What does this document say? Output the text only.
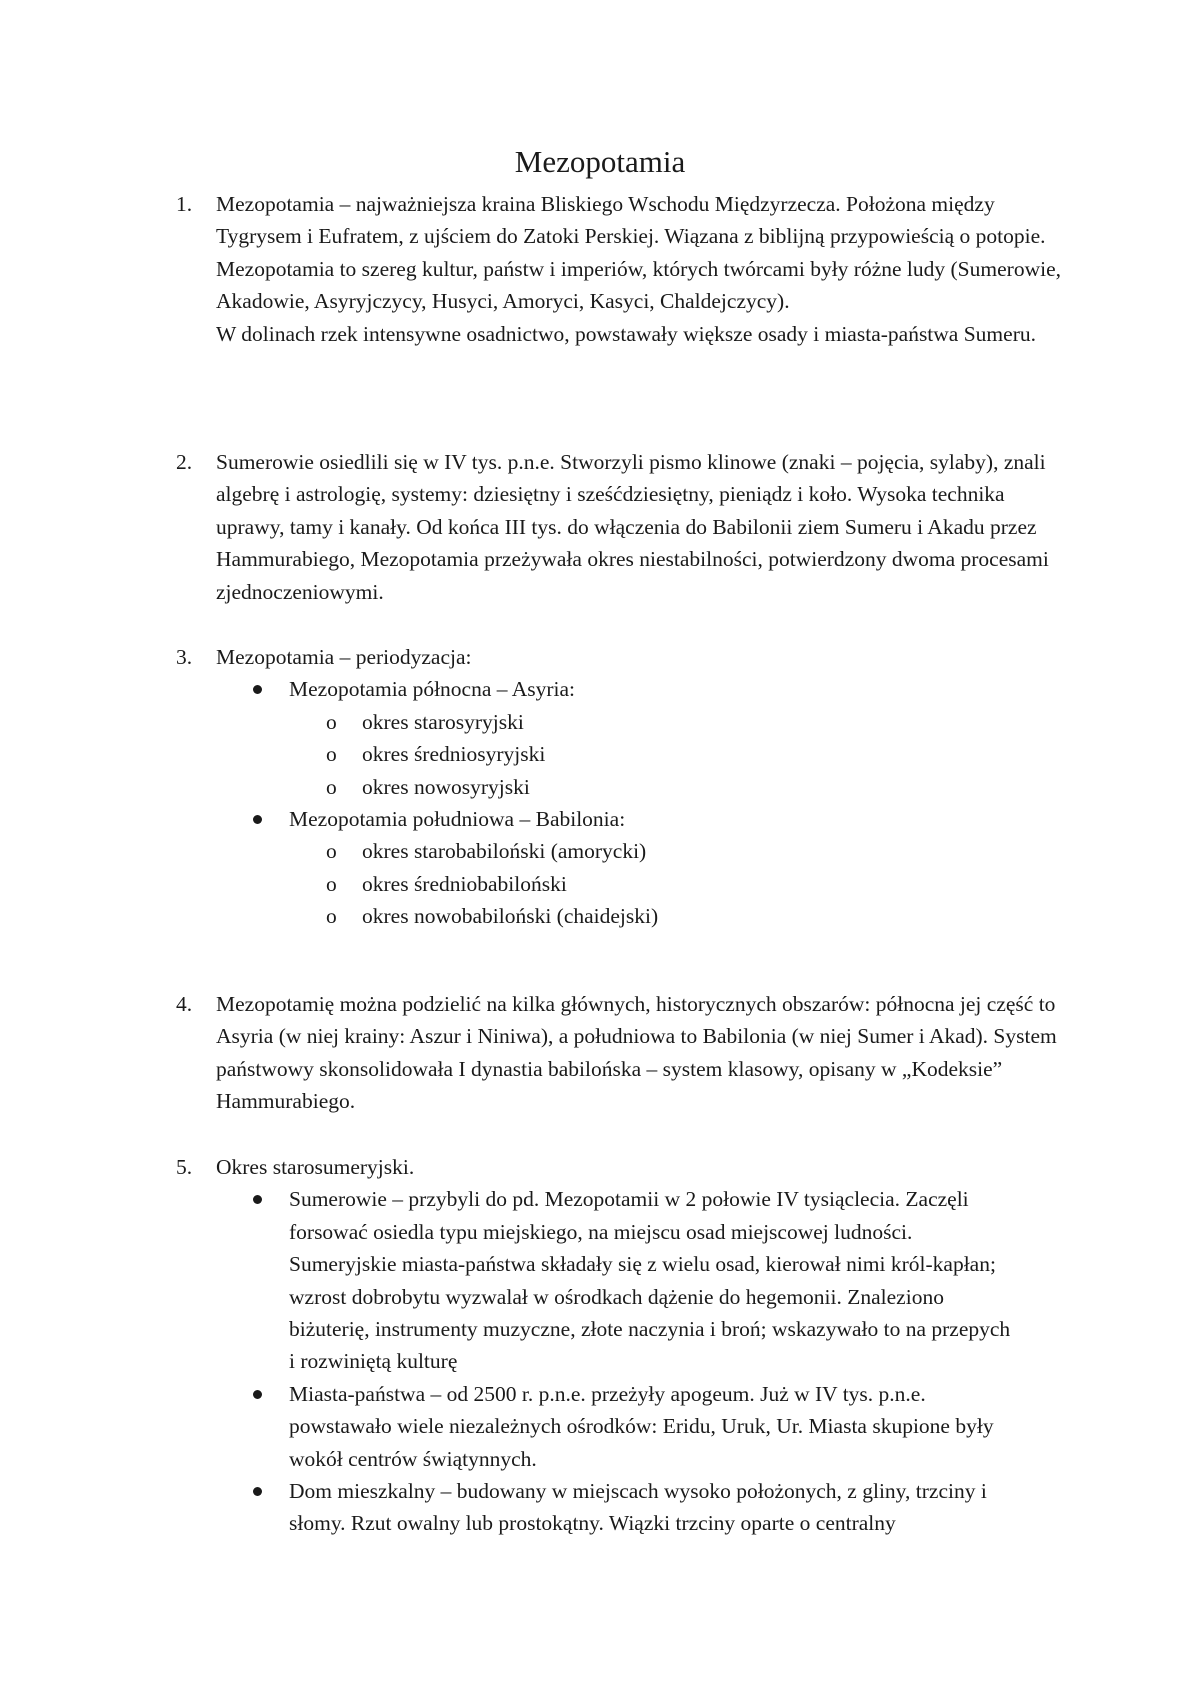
Mezopotamia
1.	Mezopotamia – najważniejsza kraina Bliskiego Wschodu Międzyrzecza. Położona między Tygrysem i Eufratem, z ujściem do Zatoki Perskiej. Wiązana z biblijną przypowieścią o potopie.

Mezopotamia to szereg kultur, państw i imperiów, których twórcami były różne ludy (Sumerowie, Akadowie, Asyryjczycy, Husyci, Amoryci, Kasyci, Chaldejczycy).

W dolinach rzek intensywne osadnictwo, powstawały większe osady i miasta-państwa Sumeru.

2.	Sumerowie osiedlili się w IV tys. p.n.e. Stworzyli pismo klinowe (znaki – pojęcia, sylaby), znali algebrę i astrologię, systemy: dziesiętny i sześćdziesiętny, pieniądz i koło. Wysoka technika uprawy, tamy i kanały. Od końca III tys. do włączenia do Babilonii ziem Sumeru i Akadu przez Hammurabiego, Mezopotamia przeżywała okres niestabilności, potwierdzony dwoma procesami zjednoczeniowymi.

3.	Mezopotamia – periodyzacja:

Mezopotamia północna – Asyria:
o okres starosyryjski
o okres średniosyryjski
o okres nowosyryjski
Mezopotamia południowa – Babilonia:
o okres starobabiloński (amorycki)
o okres średniobabiloński
o okres nowobabiloński (chaidejski)
4.	Mezopotamię można podzielić na kilka głównych, historycznych obszarów: północna jej część to Asyria (w niej krainy: Aszur i Niniwa), a południowa to Babilonia (w niej Sumer i Akad). System państwowy skonsolidowała I dynastia babilońska – system klasowy, opisany w „Kodeksie” Hammurabiego.

5.	Okres starosumeryjski.

Sumerowie – przybyli do pd. Mezopotamii w 2 połowie IV tysiąclecia. Zaczęli forsować osiedla typu miejskiego, na miejscu osad miejscowej ludności. Sumeryjskie miasta-państwa składały się z wielu osad, kierował nimi król-kapłan; wzrost dobrobytu wyzwalał w ośrodkach dążenie do hegemonii. Znaleziono biżuterię, instrumenty muzyczne, złote naczynia i broń; wskazywało to na przepych i rozwiniętą kulturę
Miasta-państwa – od 2500 r. p.n.e. przeżyły apogeum. Już w IV tys. p.n.e. powstawało wiele niezależnych ośrodków: Eridu, Uruk, Ur. Miasta skupione były wokół centrów świątynnych.
Dom mieszkalny – budowany w miejscach wysoko położonych, z gliny, trzciny i słomy. Rzut owalny lub prostokątny. Wiązki trzciny oparte o centralny
